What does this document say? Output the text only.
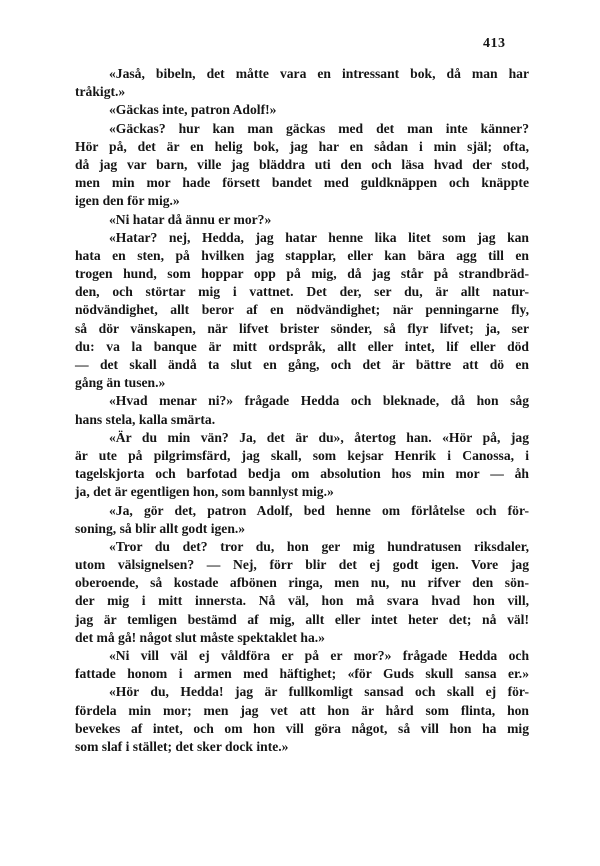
413
«Jaså, bibeln, det måtte vara en intressant bok, då man har
tråkigt.»
«Gäckas inte, patron Adolf!»
«Gäckas? hur kan man gäckas med det man inte känner?
Hör på, det är en helig bok, jag har en sådan i min själ; ofta,
då jag var barn, ville jag bläddra uti den och läsa hvad der stod,
men min mor hade försett bandet med guldknäppen och knäppte
igen den för mig.»
«Ni hatar då ännu er mor?»
«Hatar? nej, Hedda, jag hatar henne lika litet som jag kan
hata en sten, på hvilken jag stapplar, eller kan bära agg till en
trogen hund, som hoppar opp på mig, då jag står på strandbräd-
den, och störtar mig i vattnet. Det der, ser du, är allt natur-
nödvändighet, allt beror af en nödvändighet; när penningarne fly,
så dör vänskapen, när lifvet brister sönder, så flyr lifvet; ja, ser
du: va la banque är mitt ordspråk, allt eller intet, lif eller död
— det skall ändå ta slut en gång, och det är bättre att dö en
gång än tusen.»
«Hvad menar ni?» frågade Hedda och bleknade, då hon såg
hans stela, kalla smärta.
«Är du min vän? Ja, det är du», återtog han. «Hör på, jag
är ute på pilgrimsfärd, jag skall, som kejsar Henrik i Canossa, i
tagelskjorta och barfotad bedja om absolution hos min mor — åh
ja, det är egentligen hon, som bannlyst mig.»
«Ja, gör det, patron Adolf, bed henne om förlåtelse och för-
soning, så blir allt godt igen.»
«Tror du det? tror du, hon ger mig hundratusen riksdaler,
utom välsignelsen? — Nej, förr blir det ej godt igen. Vore jag
oberoende, så kostade afbönen ringa, men nu, nu rifver den sön-
der mig i mitt innersta. Nå väl, hon må svara hvad hon vill,
jag är temligen bestämd af mig, allt eller intet heter det; nå väl!
det må gå! något slut måste spektaklet ha.»
«Ni vill väl ej våldföra er på er mor?» frågade Hedda och
fattade honom i armen med häftighet; «för Guds skull sansa er.»
«Hör du, Hedda! jag är fullkomligt sansad och skall ej för-
fördela min mor; men jag vet att hon är hård som flinta, hon
bevekes af intet, och om hon vill göra något, så vill hon ha mig
som slaf i stället; det sker dock inte.»
